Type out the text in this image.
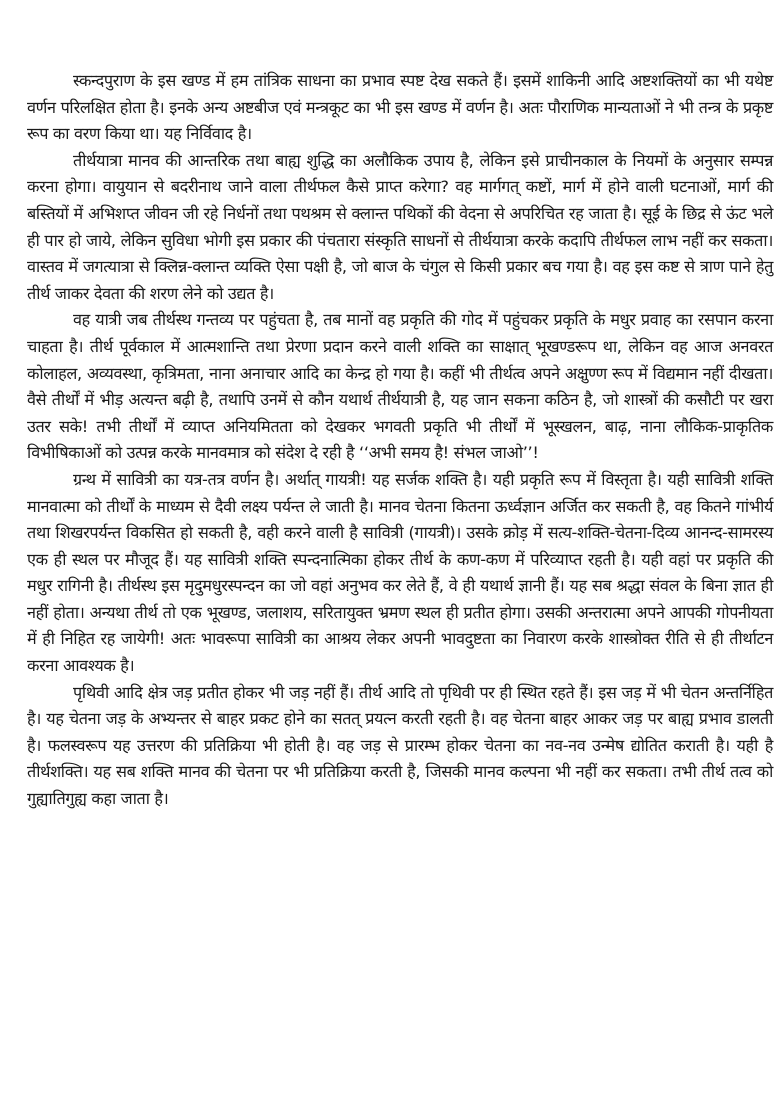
स्कन्दपुराण के इस खण्ड में हम तांत्रिक साधना का प्रभाव स्पष्ट देख सकते हैं। इसमें शाकिनी आदि अष्टशक्तियों का भी यथेष्ट वर्णन परिलक्षित होता है। इनके अन्य अष्टबीज एवं मन्त्रकूट का भी इस खण्ड में वर्णन है। अतः पौराणिक मान्यताओं ने भी तन्त्र के प्रकृष्ट रूप का वरण किया था। यह निर्विवाद है।

तीर्थयात्रा मानव की आन्तरिक तथा बाह्य शुद्धि का अलौकिक उपाय है, लेकिन इसे प्राचीनकाल के नियमों के अनुसार सम्पन्न करना होगा। वायुयान से बदरीनाथ जाने वाला तीर्थफल कैसे प्राप्त करेगा? वह मार्गगत् कष्टों, मार्ग में होने वाली घटनाओं, मार्ग की बस्तियों में अभिशप्त जीवन जी रहे निर्धनों तथा पथश्रम से क्लान्त पथिकों की वेदना से अपरिचित रह जाता है। सूई के छिद्र से ऊंट भले ही पार हो जाये, लेकिन सुविधा भोगी इस प्रकार की पंचतारा संस्कृति साधनों से तीर्थयात्रा करके कदापि तीर्थफल लाभ नहीं कर सकता। वास्तव में जगत्यात्रा से क्लिन्न-क्लान्त व्यक्ति ऐसा पक्षी है, जो बाज के चंगुल से किसी प्रकार बच गया है। वह इस कष्ट से त्राण पाने हेतु तीर्थ जाकर देवता की शरण लेने को उद्यत है।

वह यात्री जब तीर्थस्थ गन्तव्य पर पहुंचता है, तब मानों वह प्रकृति की गोद में पहुंचकर प्रकृति के मधुर प्रवाह का रसपान करना चाहता है। तीर्थ पूर्वकाल में आत्मशान्ति तथा प्रेरणा प्रदान करने वाली शक्ति का साक्षात् भूखण्डरूप था, लेकिन वह आज अनवरत कोलाहल, अव्यवस्था, कृत्रिमता, नाना अनाचार आदि का केन्द्र हो गया है। कहीं भी तीर्थत्व अपने अक्षुण्ण रूप में विद्यमान नहीं दीखता। वैसे तीर्थों में भीड़ अत्यन्त बढ़ी है, तथापि उनमें से कौन यथार्थ तीर्थयात्री है, यह जान सकना कठिन है, जो शास्त्रों की कसौटी पर खरा उतर सके! तभी तीर्थों में व्याप्त अनियमितता को देखकर भगवती प्रकृति भी तीर्थों में भूस्खलन, बाढ़, नाना लौकिक-प्राकृतिक विभीषिकाओं को उत्पन्न करके मानवमात्र को संदेश दे रही है ‘‘अभी समय है! संभल जाओ’’!

ग्रन्थ में सावित्री का यत्र-तत्र वर्णन है। अर्थात् गायत्री! यह सर्जक शक्ति है। यही प्रकृति रूप में विस्तृता है। यही सावित्री शक्ति मानवात्मा को तीर्थों के माध्यम से दैवी लक्ष्य पर्यन्त ले जाती है। मानव चेतना कितना ऊर्ध्वज्ञान अर्जित कर सकती है, वह कितने गांभीर्य तथा शिखरपर्यन्त विकसित हो सकती है, वही करने वाली है सावित्री (गायत्री)। उसके क्रोड़ में सत्य-शक्ति-चेतना-दिव्य आनन्द-सामरस्य एक ही स्थल पर मौजूद हैं। यह सावित्री शक्ति स्पन्दनात्मिका होकर तीर्थ के कण-कण में परिव्याप्त रहती है। यही वहां पर प्रकृति की मधुर रागिनी है। तीर्थस्थ इस मृदुमधुरस्पन्दन का जो वहां अनुभव कर लेते हैं, वे ही यथार्थ ज्ञानी हैं। यह सब श्रद्धा संवल के बिना ज्ञात ही नहीं होता। अन्यथा तीर्थ तो एक भूखण्ड, जलाशय, सरितायुक्त भ्रमण स्थल ही प्रतीत होगा। उसकी अन्तरात्मा अपने आपकी गोपनीयता में ही निहित रह जायेगी! अतः भावरूपा सावित्री का आश्रय लेकर अपनी भावदुष्टता का निवारण करके शास्त्रोक्त रीति से ही तीर्थाटन करना आवश्यक है।

पृथिवी आदि क्षेत्र जड़ प्रतीत होकर भी जड़ नहीं हैं। तीर्थ आदि तो पृथिवी पर ही स्थित रहते हैं। इस जड़ में भी चेतन अन्तर्निहित है। यह चेतना जड़ के अभ्यन्तर से बाहर प्रकट होने का सतत् प्रयत्न करती रहती है। वह चेतना बाहर आकर जड़ पर बाह्य प्रभाव डालती है। फलस्वरूप यह उत्तरण की प्रतिक्रिया भी होती है। वह जड़ से प्रारम्भ होकर चेतना का नव-नव उन्मेष द्योतित कराती है। यही है तीर्थशक्ति। यह सब शक्ति मानव की चेतना पर भी प्रतिक्रिया करती है, जिसकी मानव कल्पना भी नहीं कर सकता। तभी तीर्थ तत्व को गुह्यातिगुह्य कहा जाता है।
